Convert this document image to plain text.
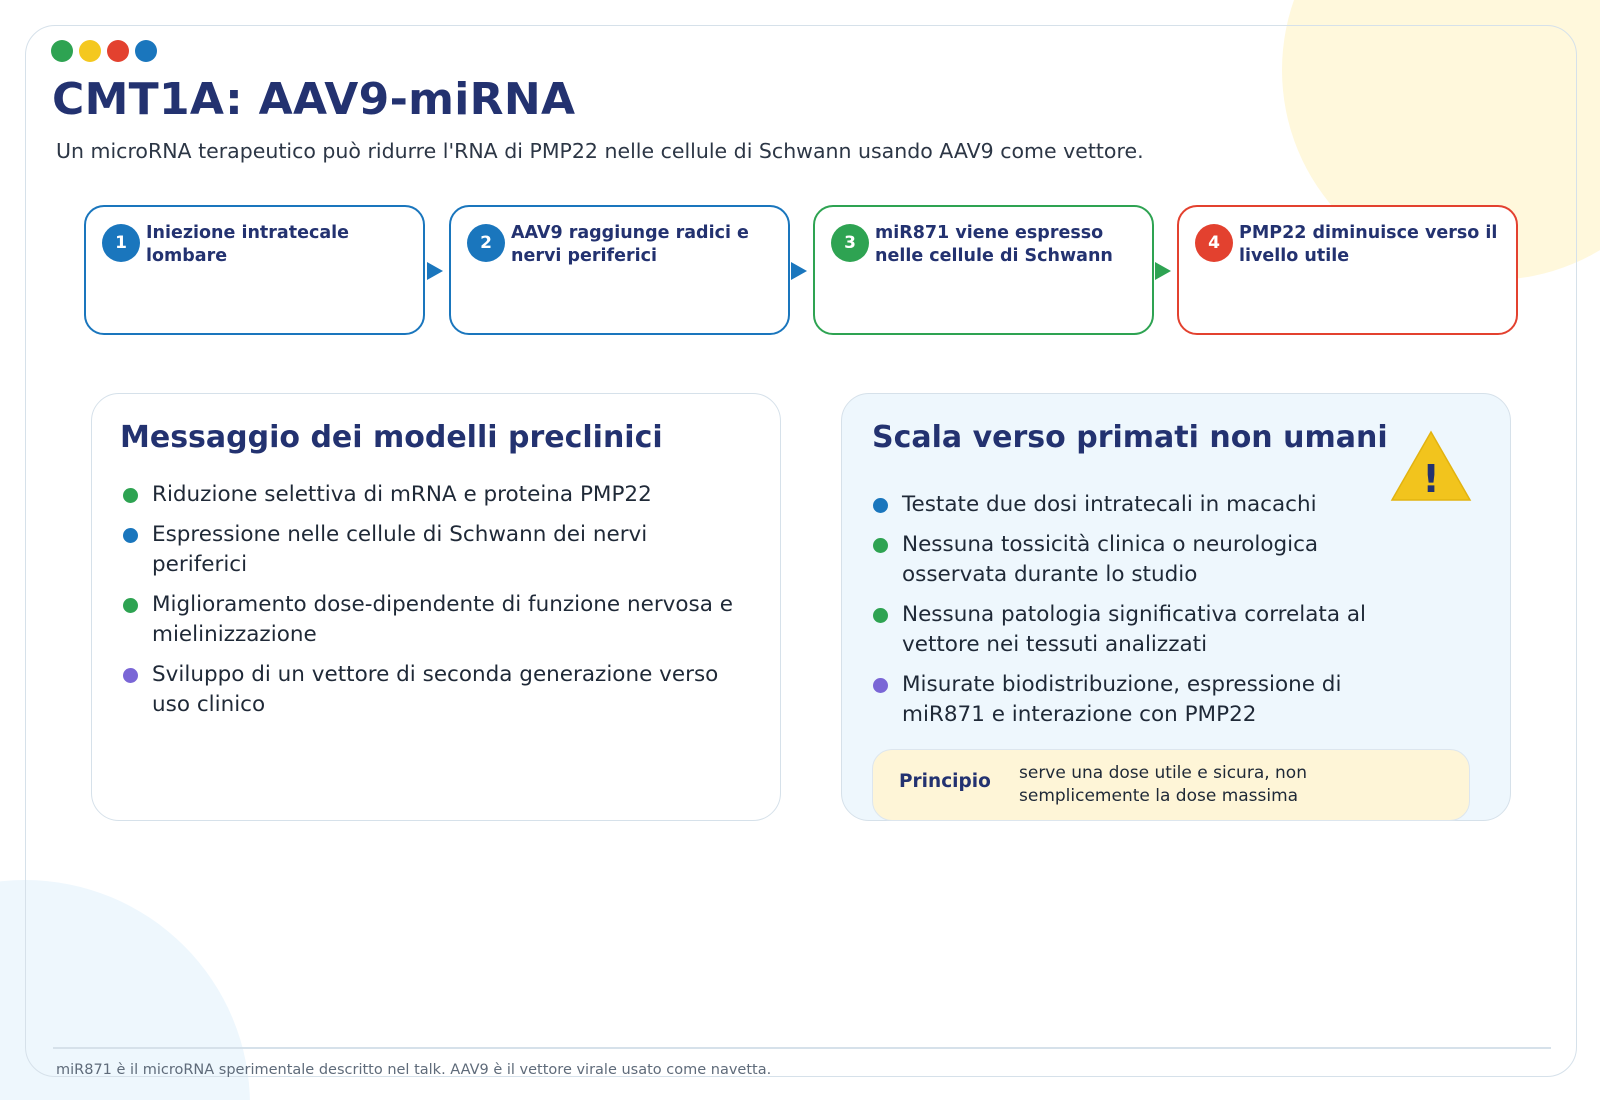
CMT1A: AAV9-miRNA

Un microRNA terapeutico può ridurre l'RNA di PMP22 nelle cellule di Schwann usando AAV9 come vettore.

1	Iniezione intratecale lombare
2	AAV9 raggiunge radici e nervi periferici
3	miR871 viene espresso nelle cellule di Schwann
4	PMP22 diminuisce verso il livello utile
Messaggio dei modelli preclinici
Riduzione selettiva di mRNA e proteina PMP22
Espressione nelle cellule di Schwann dei nervi periferici
Miglioramento dose-dipendente di funzione nervosa e mielinizzazione
Sviluppo di un vettore di seconda generazione verso uso clinico
Scala verso primati non umani
!
Testate due dosi intratecali in macachi
Nessuna tossicità clinica o neurologica osservata durante lo studio
Nessuna patologia significativa correlata al vettore nei tessuti analizzati
Misurate biodistribuzione, espressione di miR871 e interazione con PMP22
Principio serve una dose utile e sicura, non semplicemente la dose massima

miR871 è il microRNA sperimentale descritto nel talk. AAV9 è il vettore virale usato come navetta.
